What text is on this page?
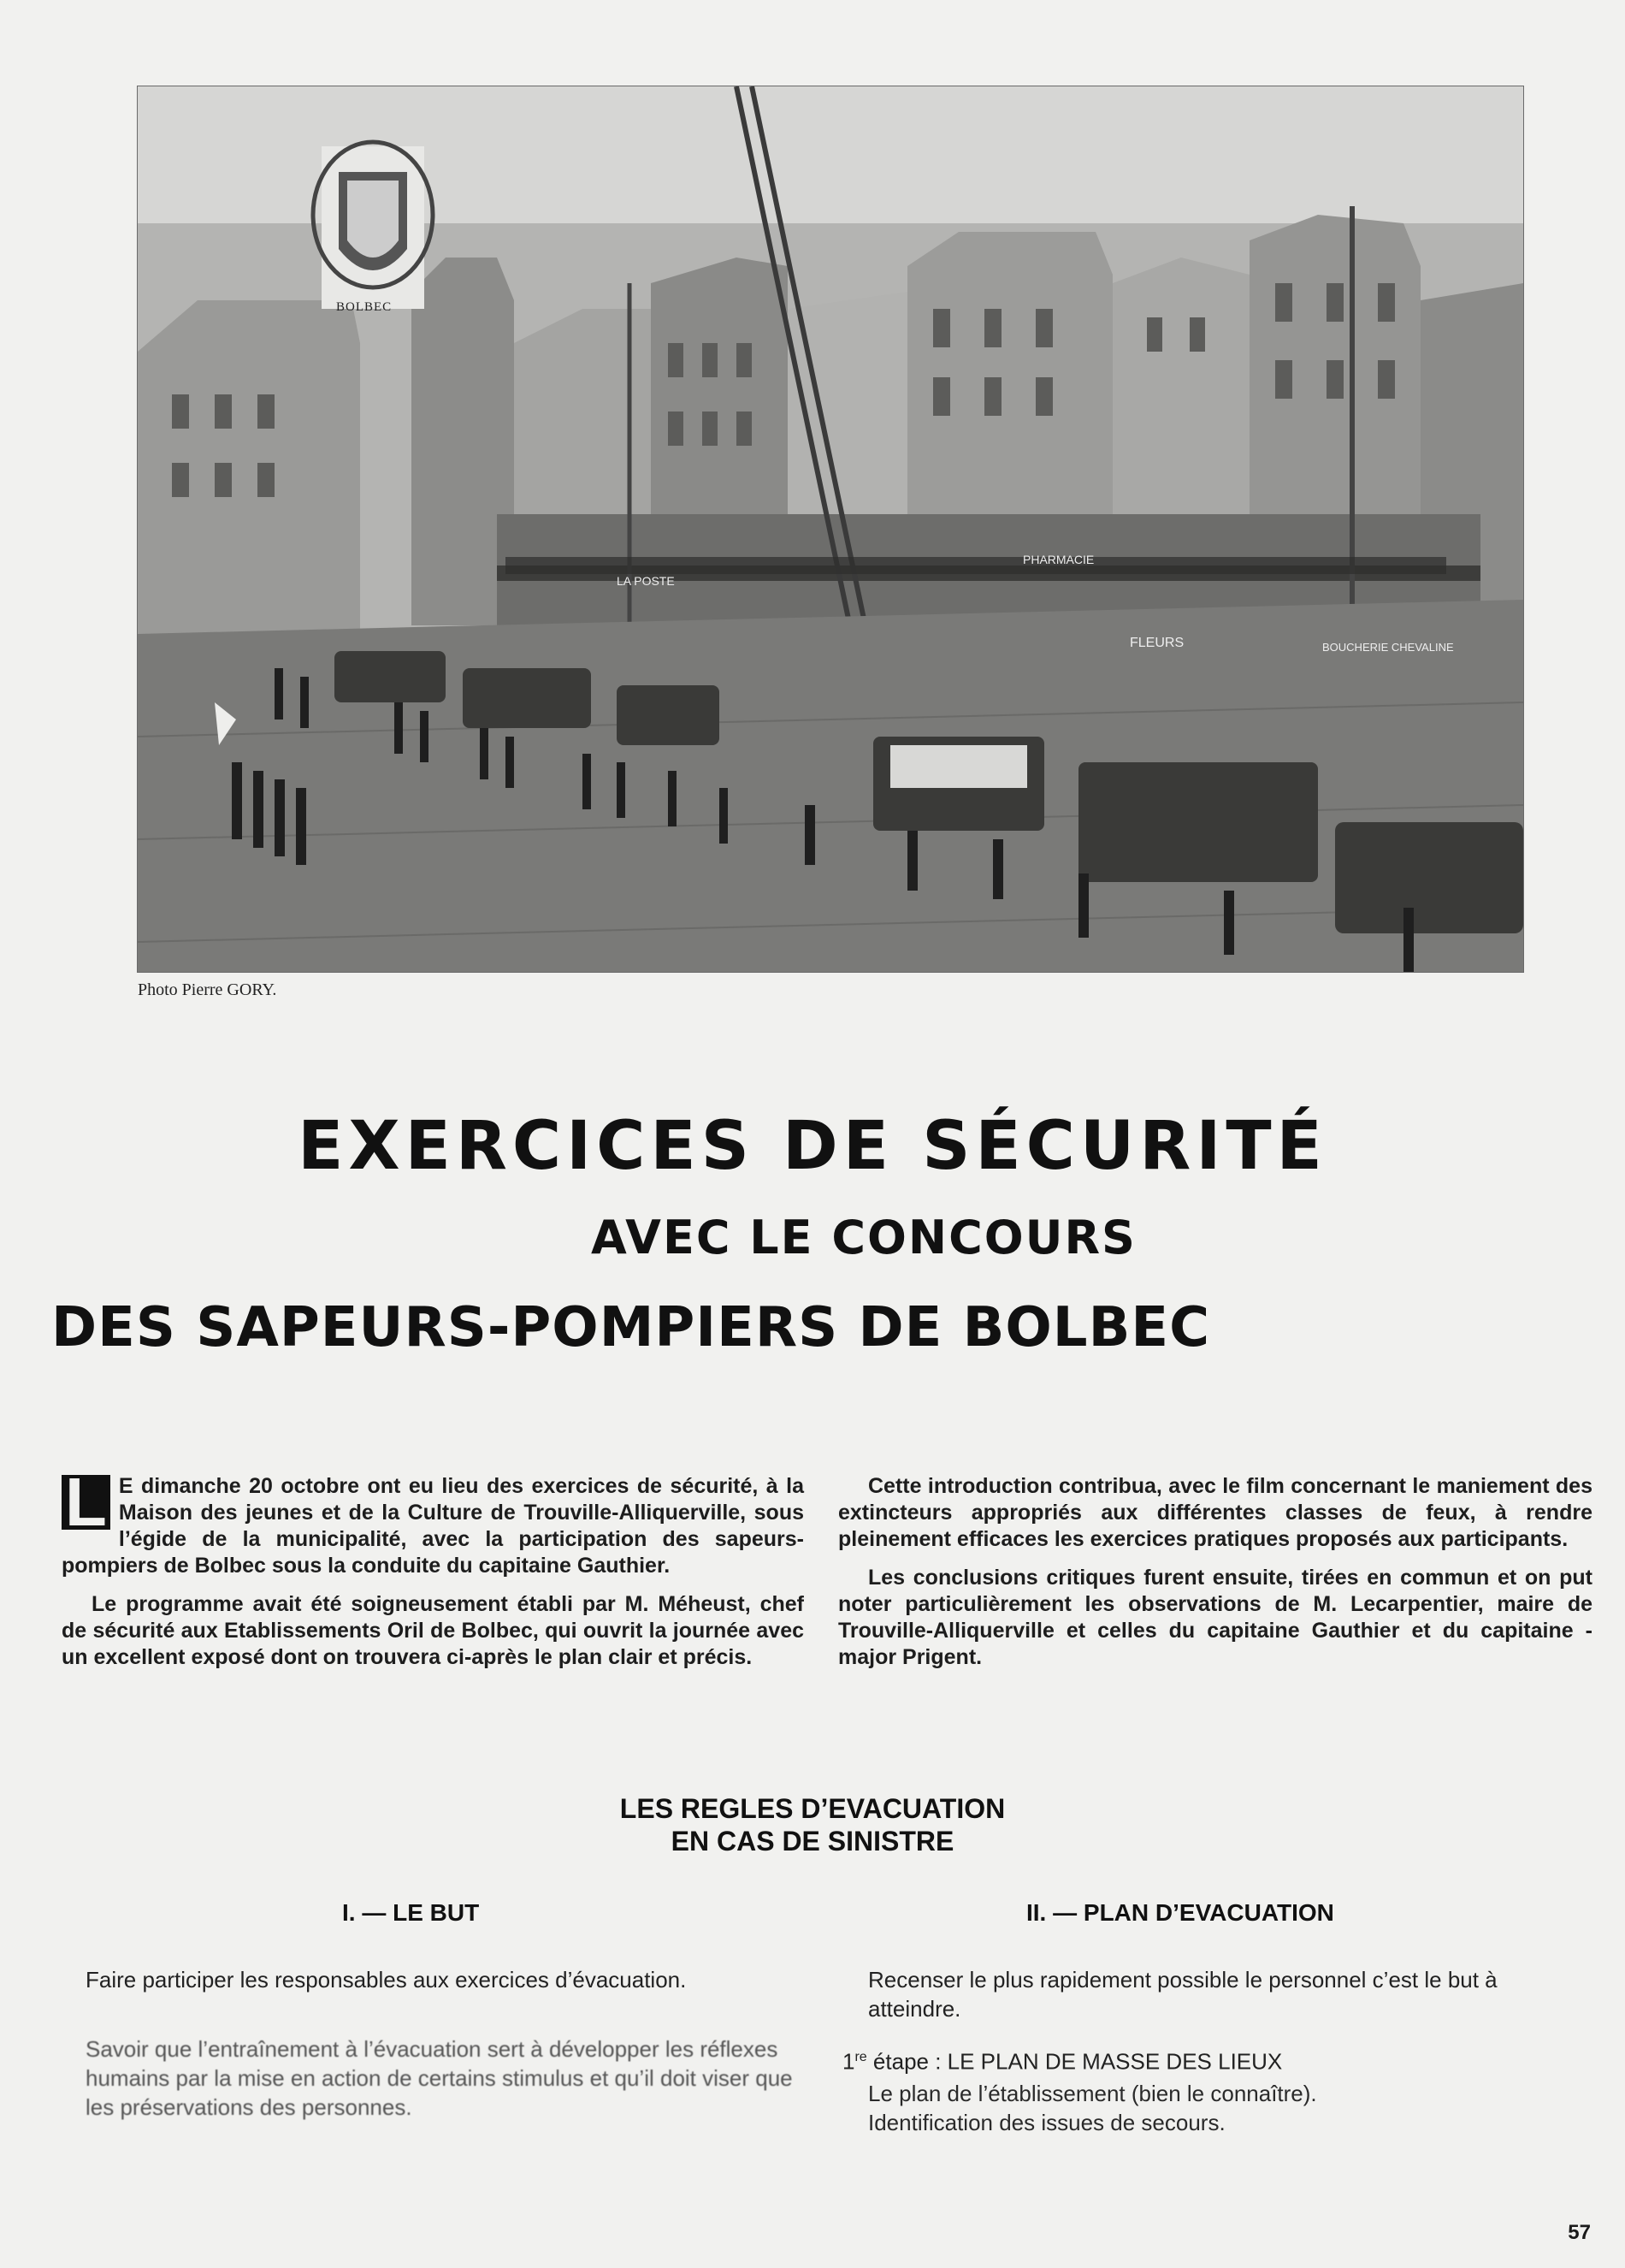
LA POSTE
PHARMACIE
FLEURS	BOUCHERIE CHEVALINE
BOLBEC
Photo Pierre GORY.
EXERCICES DE SÉCURITÉ
AVEC LE CONCOURS
DES SAPEURS-POMPIERS DE BOLBEC

L E dimanche 20 octobre ont eu lieu des exercices de sécurité, à la Maison des jeunes et de la Culture de Trouville-Alliquerville, sous l’égide de la municipalité, avec la participation des sapeurs-pompiers de Bolbec sous la conduite du capitaine Gauthier.

Le programme avait été soigneusement établi par M. Méheust, chef de sécurité aux Etablissements Oril de Bolbec, qui ouvrit la journée avec un excellent exposé dont on trouvera ci-après le plan clair et précis.

Cette introduction contribua, avec le film concernant le maniement des extincteurs appropriés aux différentes classes de feux, à rendre pleinement efficaces les exercices pratiques proposés aux participants.

Les conclusions critiques furent ensuite, tirées en commun et on put noter particulièrement les observations de M. Lecarpentier, maire de Trouville-Alliquerville et celles du capitaine Gauthier et du capitaine - major Prigent.

LES REGLES D’EVACUATION
EN CAS DE SINISTRE
I. — LE BUT	II. — PLAN D’EVACUATION
Faire participer les responsables aux exercices d’évacuation.
Savoir que l’entraînement à l’évacuation sert à développer les réflexes humains par la mise en action de certains stimulus et qu’il doit viser que les préservations des personnes.
Recenser le plus rapidement possible le personnel c’est le but à atteindre.
1re étape : LE PLAN DE MASSE DES LIEUX
Le plan de l’établissement (bien le connaître).
Identification des issues de secours.
57
